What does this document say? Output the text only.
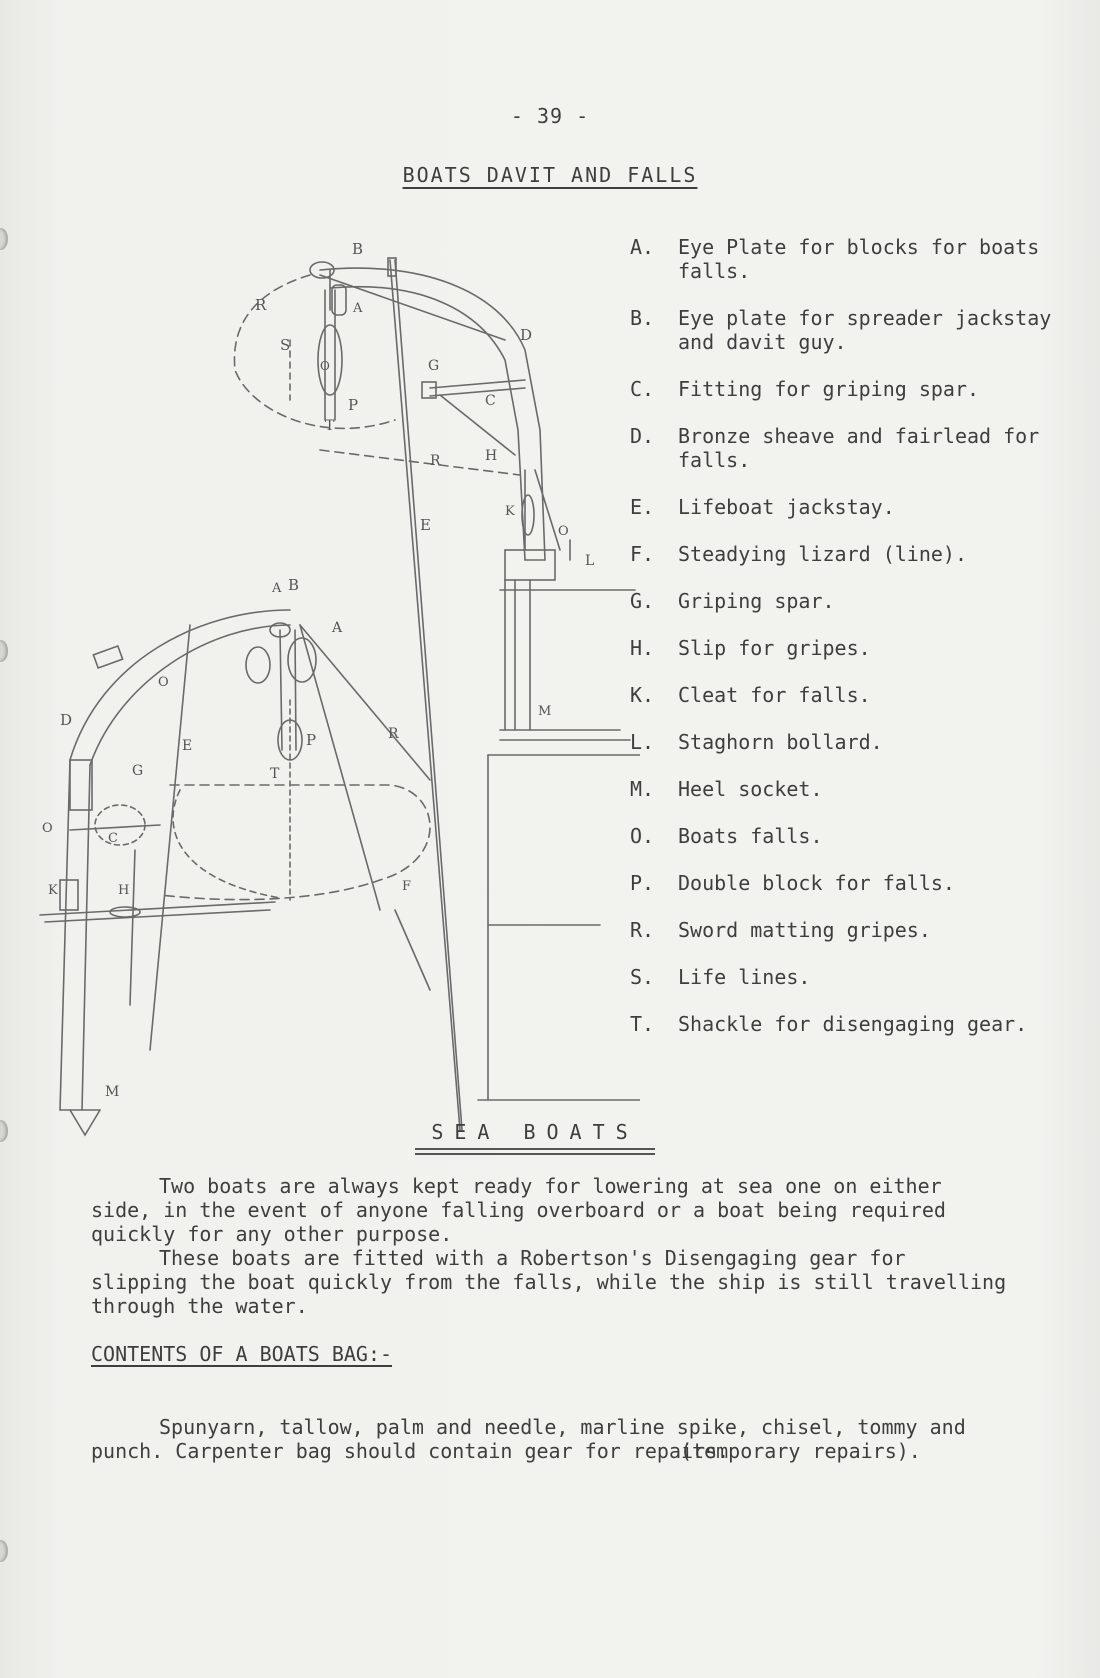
- 39 -
BOATS DAVIT AND FALLS
B
A
R
S
O
P
T
D
G
C
R	H
E
K
O
L
M
A B
A
D
O
E	P
T
R
G
C
O
K	H	F
M
A. Eye Plate for blocks for boats falls.
B. Eye plate for spreader jackstay and davit guy.
C. Fitting for griping spar.
D. Bronze sheave and fairlead for falls.
E. Lifeboat jackstay.
F. Steadying lizard (line).
G. Griping spar.
H. Slip for gripes.
K. Cleat for falls.
L. Staghorn bollard.
M. Heel socket.
O. Boats falls.
P. Double block for falls.
R. Sword matting gripes.
S. Life lines.
T. Shackle for disengaging gear.
SEA BOATS

Two boats are always kept ready for lowering at sea one on either side, in the event of anyone falling overboard or a boat being required quickly for any other purpose.

These boats are fitted with a Robertson's Disengaging gear for slipping the boat quickly from the falls, while the ship is still travelling through the water.

CONTENTS OF A BOATS BAG:-

Spunyarn, tallow, palm and needle, marline spike, chisel, tommy and punch. Carpenter bag should contain gear for repairs.

(temporary repairs).
